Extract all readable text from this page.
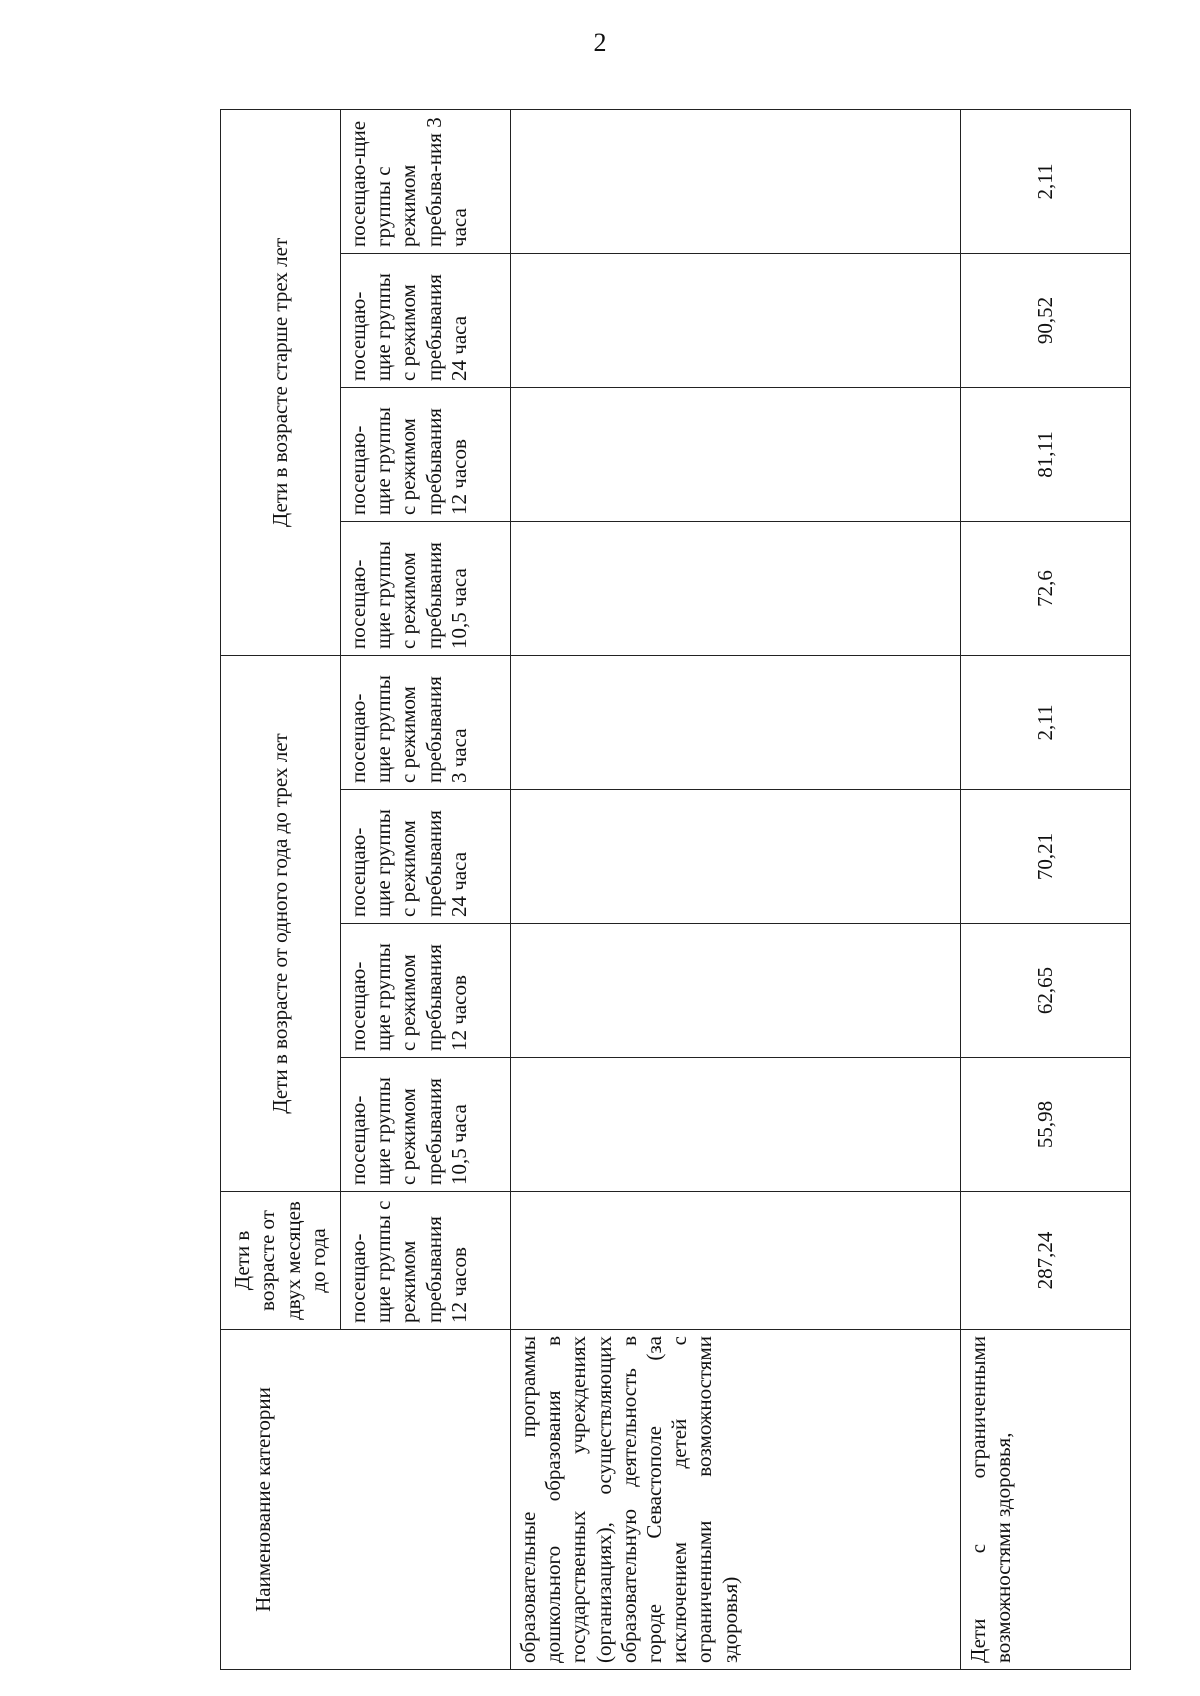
2
Наименование категории	Дети в возрасте от двух месяцев до года	Дети в возрасте от одного года до трех лет				Дети в возрасте старше трех лет			
	посещаю-щие группы с режимом пребывания 12 часов	посещаю-щие группы с режимом пребывания 10,5 часа	посещаю-щие группы с режимом пребывания 12 часов	посещаю-щие группы с режимом пребывания 24 часа	посещаю-щие группы с режимом пребывания 3 часа	посещаю-щие группы с режимом пребывания 10,5 часа	посещаю-щие группы с режимом пребывания 12 часов	посещаю-щие группы с режимом пребывания 24 часа	посещаю-щие группы с режимом пребыва-ния 3 часа
образовательные программы дошкольного образования в государственных учреждениях (организациях), осуществляющих образовательную деятельность в городе Севастополе (за исключением детей с ограниченными возможностями здоровья)									
Дети с ограниченными возможностями здоровья,	287,24	55,98	62,65	70,21	2,11	72,6	81,11	90,52	2,11
